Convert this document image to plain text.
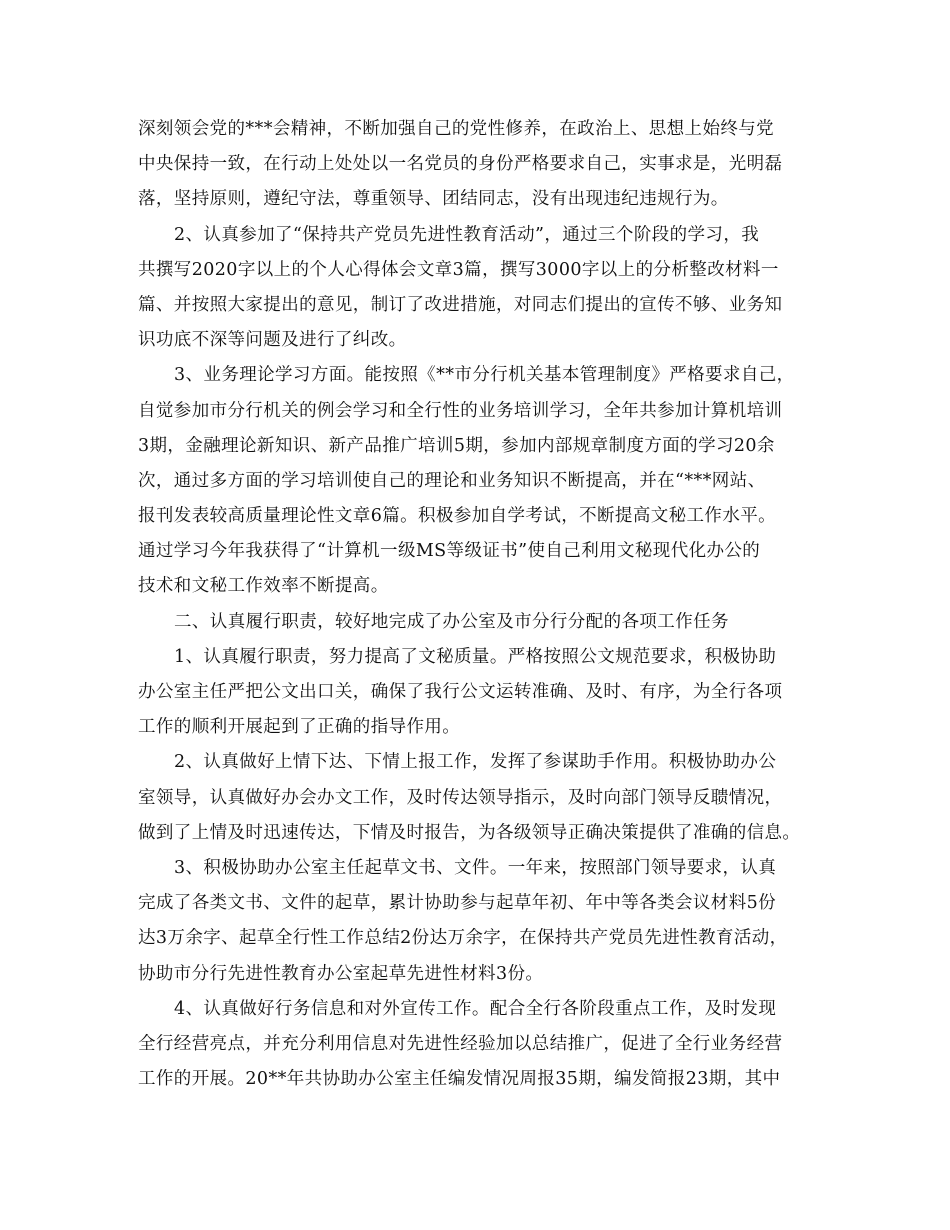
深刻领会党的***会精神，不断加强自己的党性修养，在政治上、思想上始终与党
中央保持一致，在行动上处处以一名党员的身份严格要求自己，实事求是，光明磊
落，坚持原则，遵纪守法，尊重领导、团结同志，没有出现违纪违规行为。
2、认真参加了“保持共产党员先进性教育活动”，通过三个阶段的学习，我
共撰写2020字以上的个人心得体会文章3篇，撰写3000字以上的分析整改材料一
篇、并按照大家提出的意见，制订了改进措施，对同志们提出的宣传不够、业务知
识功底不深等问题及进行了纠改。
3、业务理论学习方面。能按照《**市分行机关基本管理制度》严格要求自己，
自觉参加市分行机关的例会学习和全行性的业务培训学习，全年共参加计算机培训
3期，金融理论新知识、新产品推广培训5期，参加内部规章制度方面的学习20余
次，通过多方面的学习培训使自己的理论和业务知识不断提高，并在“***网站、
报刊发表较高质量理论性文章6篇。积极参加自学考试，不断提高文秘工作水平。
通过学习今年我获得了“计算机一级MS等级证书”使自己利用文秘现代化办公的
技术和文秘工作效率不断提高。
二、认真履行职责，较好地完成了办公室及市分行分配的各项工作任务
1、认真履行职责，努力提高了文秘质量。严格按照公文规范要求，积极协助
办公室主任严把公文出口关，确保了我行公文运转准确、及时、有序，为全行各项
工作的顺利开展起到了正确的指导作用。
2、认真做好上情下达、下情上报工作，发挥了参谋助手作用。积极协助办公
室领导，认真做好办会办文工作，及时传达领导指示，及时向部门领导反聩情况，
做到了上情及时迅速传达，下情及时报告，为各级领导正确决策提供了准确的信息。
3、积极协助办公室主任起草文书、文件。一年来，按照部门领导要求，认真
完成了各类文书、文件的起草，累计协助参与起草年初、年中等各类会议材料5份
达3万余字、起草全行性工作总结2份达万余字，在保持共产党员先进性教育活动，
协助市分行先进性教育办公室起草先进性材料3份。
4、认真做好行务信息和对外宣传工作。配合全行各阶段重点工作，及时发现
全行经营亮点，并充分利用信息对先进性经验加以总结推广，促进了全行业务经营
工作的开展。20**年共协助办公室主任编发情况周报35期，编发简报23期，其中
